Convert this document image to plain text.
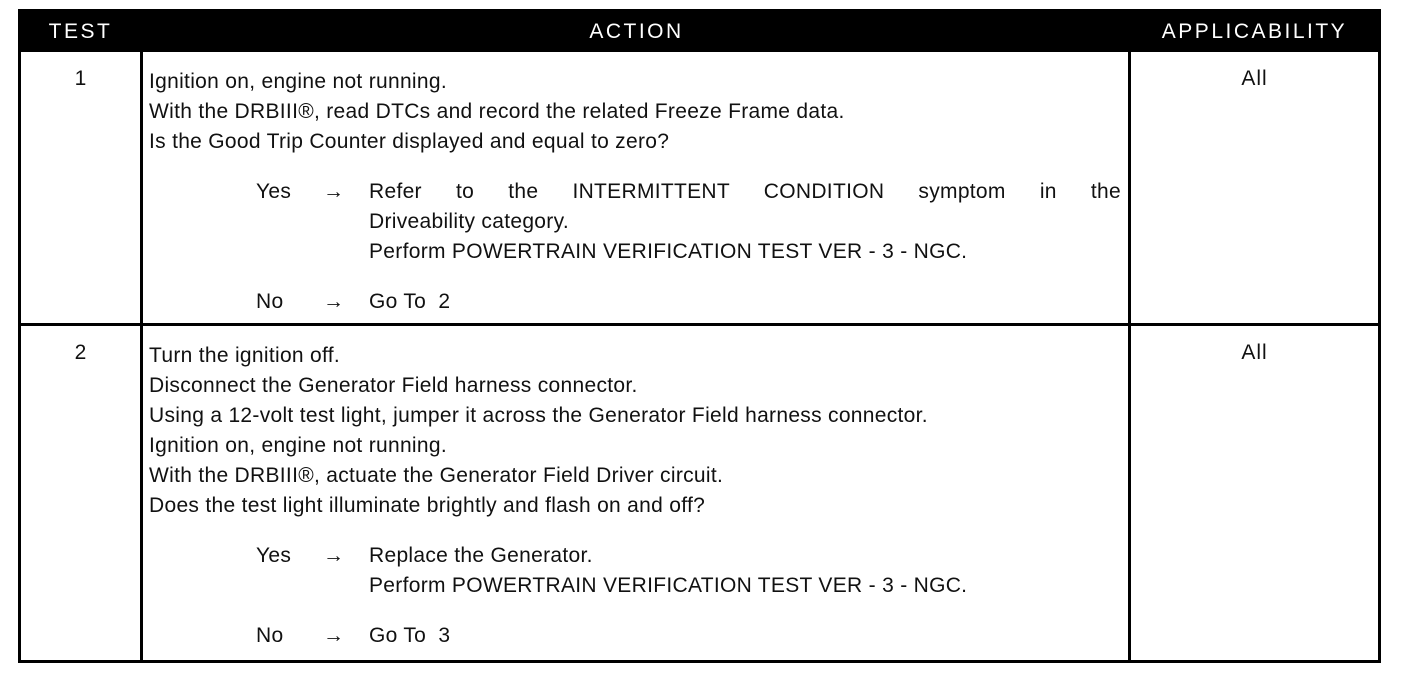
TEST	ACTION	APPLICABILITY
1	Ignition on, engine not running.
With the DRBIII®, read DTCs and record the related Freeze Frame data.
Is the Good Trip Counter displayed and equal to zero?
Yes	→ Refer to the INTERMITTENT CONDITION symptom in the
Driveability category.
Perform POWERTRAIN VERIFICATION TEST VER - 3 - NGC.
No	→ Go To  2
All
2	Turn the ignition off.
Disconnect the Generator Field harness connector.
Using a 12-volt test light, jumper it across the Generator Field harness connector.
Ignition on, engine not running.
With the DRBIII®, actuate the Generator Field Driver circuit.
Does the test light illuminate brightly and flash on and off?
Yes	→ Replace the Generator.
Perform POWERTRAIN VERIFICATION TEST VER - 3 - NGC.
No	→ Go To  3
All
